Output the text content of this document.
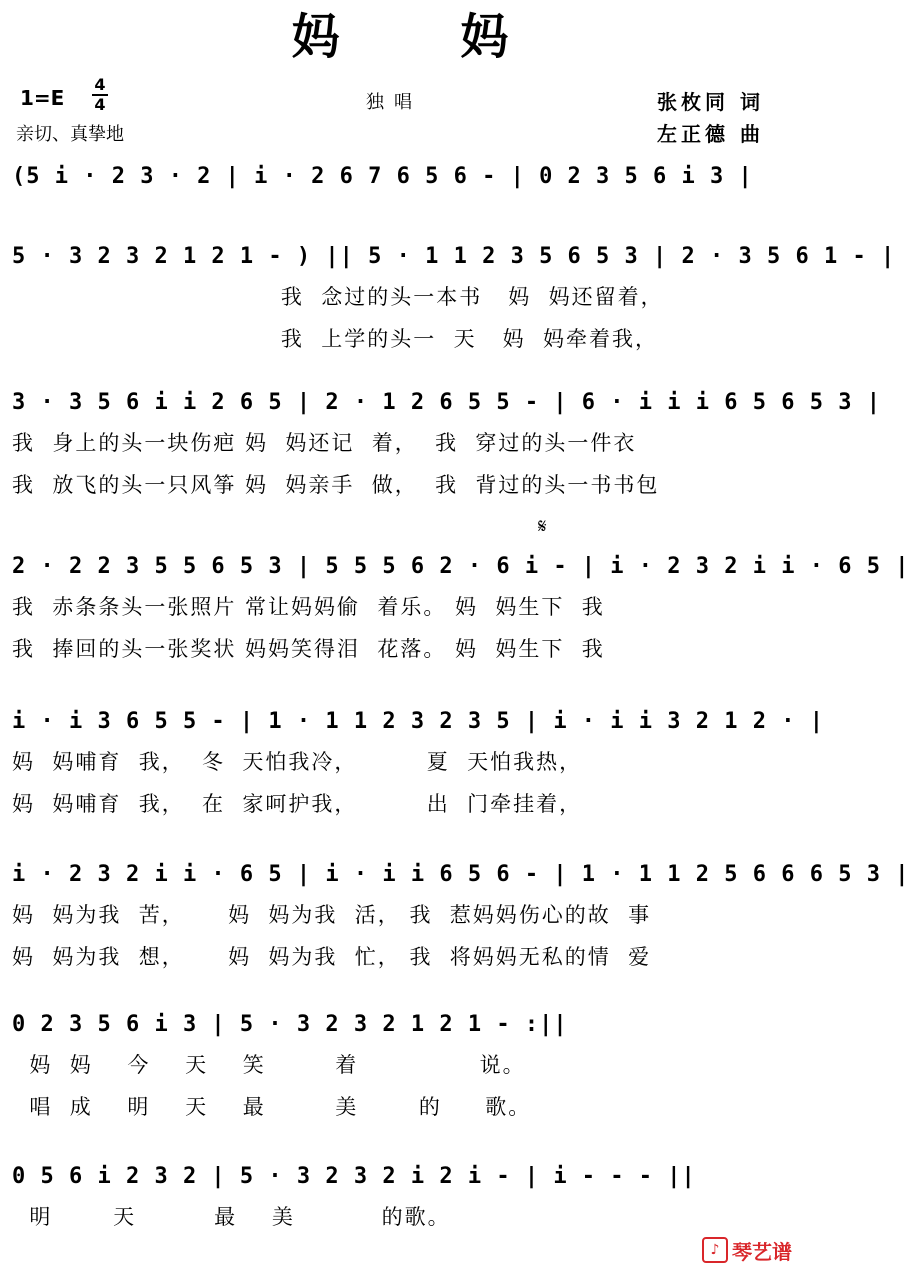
妈 妈
1=E
4
4	独唱
亲切、真挚地
张枚同 词
左正德 曲
(5 i · 2 3 · 2 | i · 2 6 7 6 5 6 - | 0 2 3 5 6 i 3 |
5 · 3 2 3 2 1 2 1 - ) || 5 · 1 1 2 3 5 6 5 3 | 2 · 3 5 6 1 - |
我  念过的头一本书   妈  妈还留着，
我  上学的头一  天   妈  妈牵着我，
3 · 3 5 6 i i 2 6 5 | 2 · 1 2 6 5 5 - | 6 · i i i 6 5 6 5 3 |
我  身上的头一块伤疤 妈  妈还记  着，  我  穿过的头一件衣
我  放飞的头一只风筝 妈  妈亲手  做，  我  背过的头一书书包
2 · 2 2 3 5 5 6 5 3 | 5 5 5 6 2 · 6 i - | i · 2 3 2 i i · 6 5 |
我  赤条条头一张照片 常让妈妈偷  着乐。 妈  妈生下  我
我  捧回的头一张奖状 妈妈笑得泪  花落。 妈  妈生下  我
i · i 3 6 5 5 - | 1 · 1 1 2 3 2 3 5 | i · i i 3 2 1 2 · |
妈  妈哺育  我，  冬  天怕我冷，        夏  天怕我热，
妈  妈哺育  我，  在  家呵护我，        出  门牵挂着，
i · 2 3 2 i i · 6 5 | i · i i 6 5 6 - | 1 · 1 1 2 5 6 6 6 5 3 |
妈  妈为我  苦，     妈  妈为我  活， 我  惹妈妈伤心的故  事
妈  妈为我  想，     妈  妈为我  忙， 我  将妈妈无私的情  爱
0 2 3 5 6 i 3 | 5 · 3 2 3 2 1 2 1 - :||
妈  妈    今    天    笑        着              说。
唱  成    明    天    最        美       的     歌。
0 5 6 i 2 3 2 | 5 · 3 2 3 2 i 2 i - | i - - - ||
明       天         最    美          的歌。
𝄋
♪ 琴艺谱
